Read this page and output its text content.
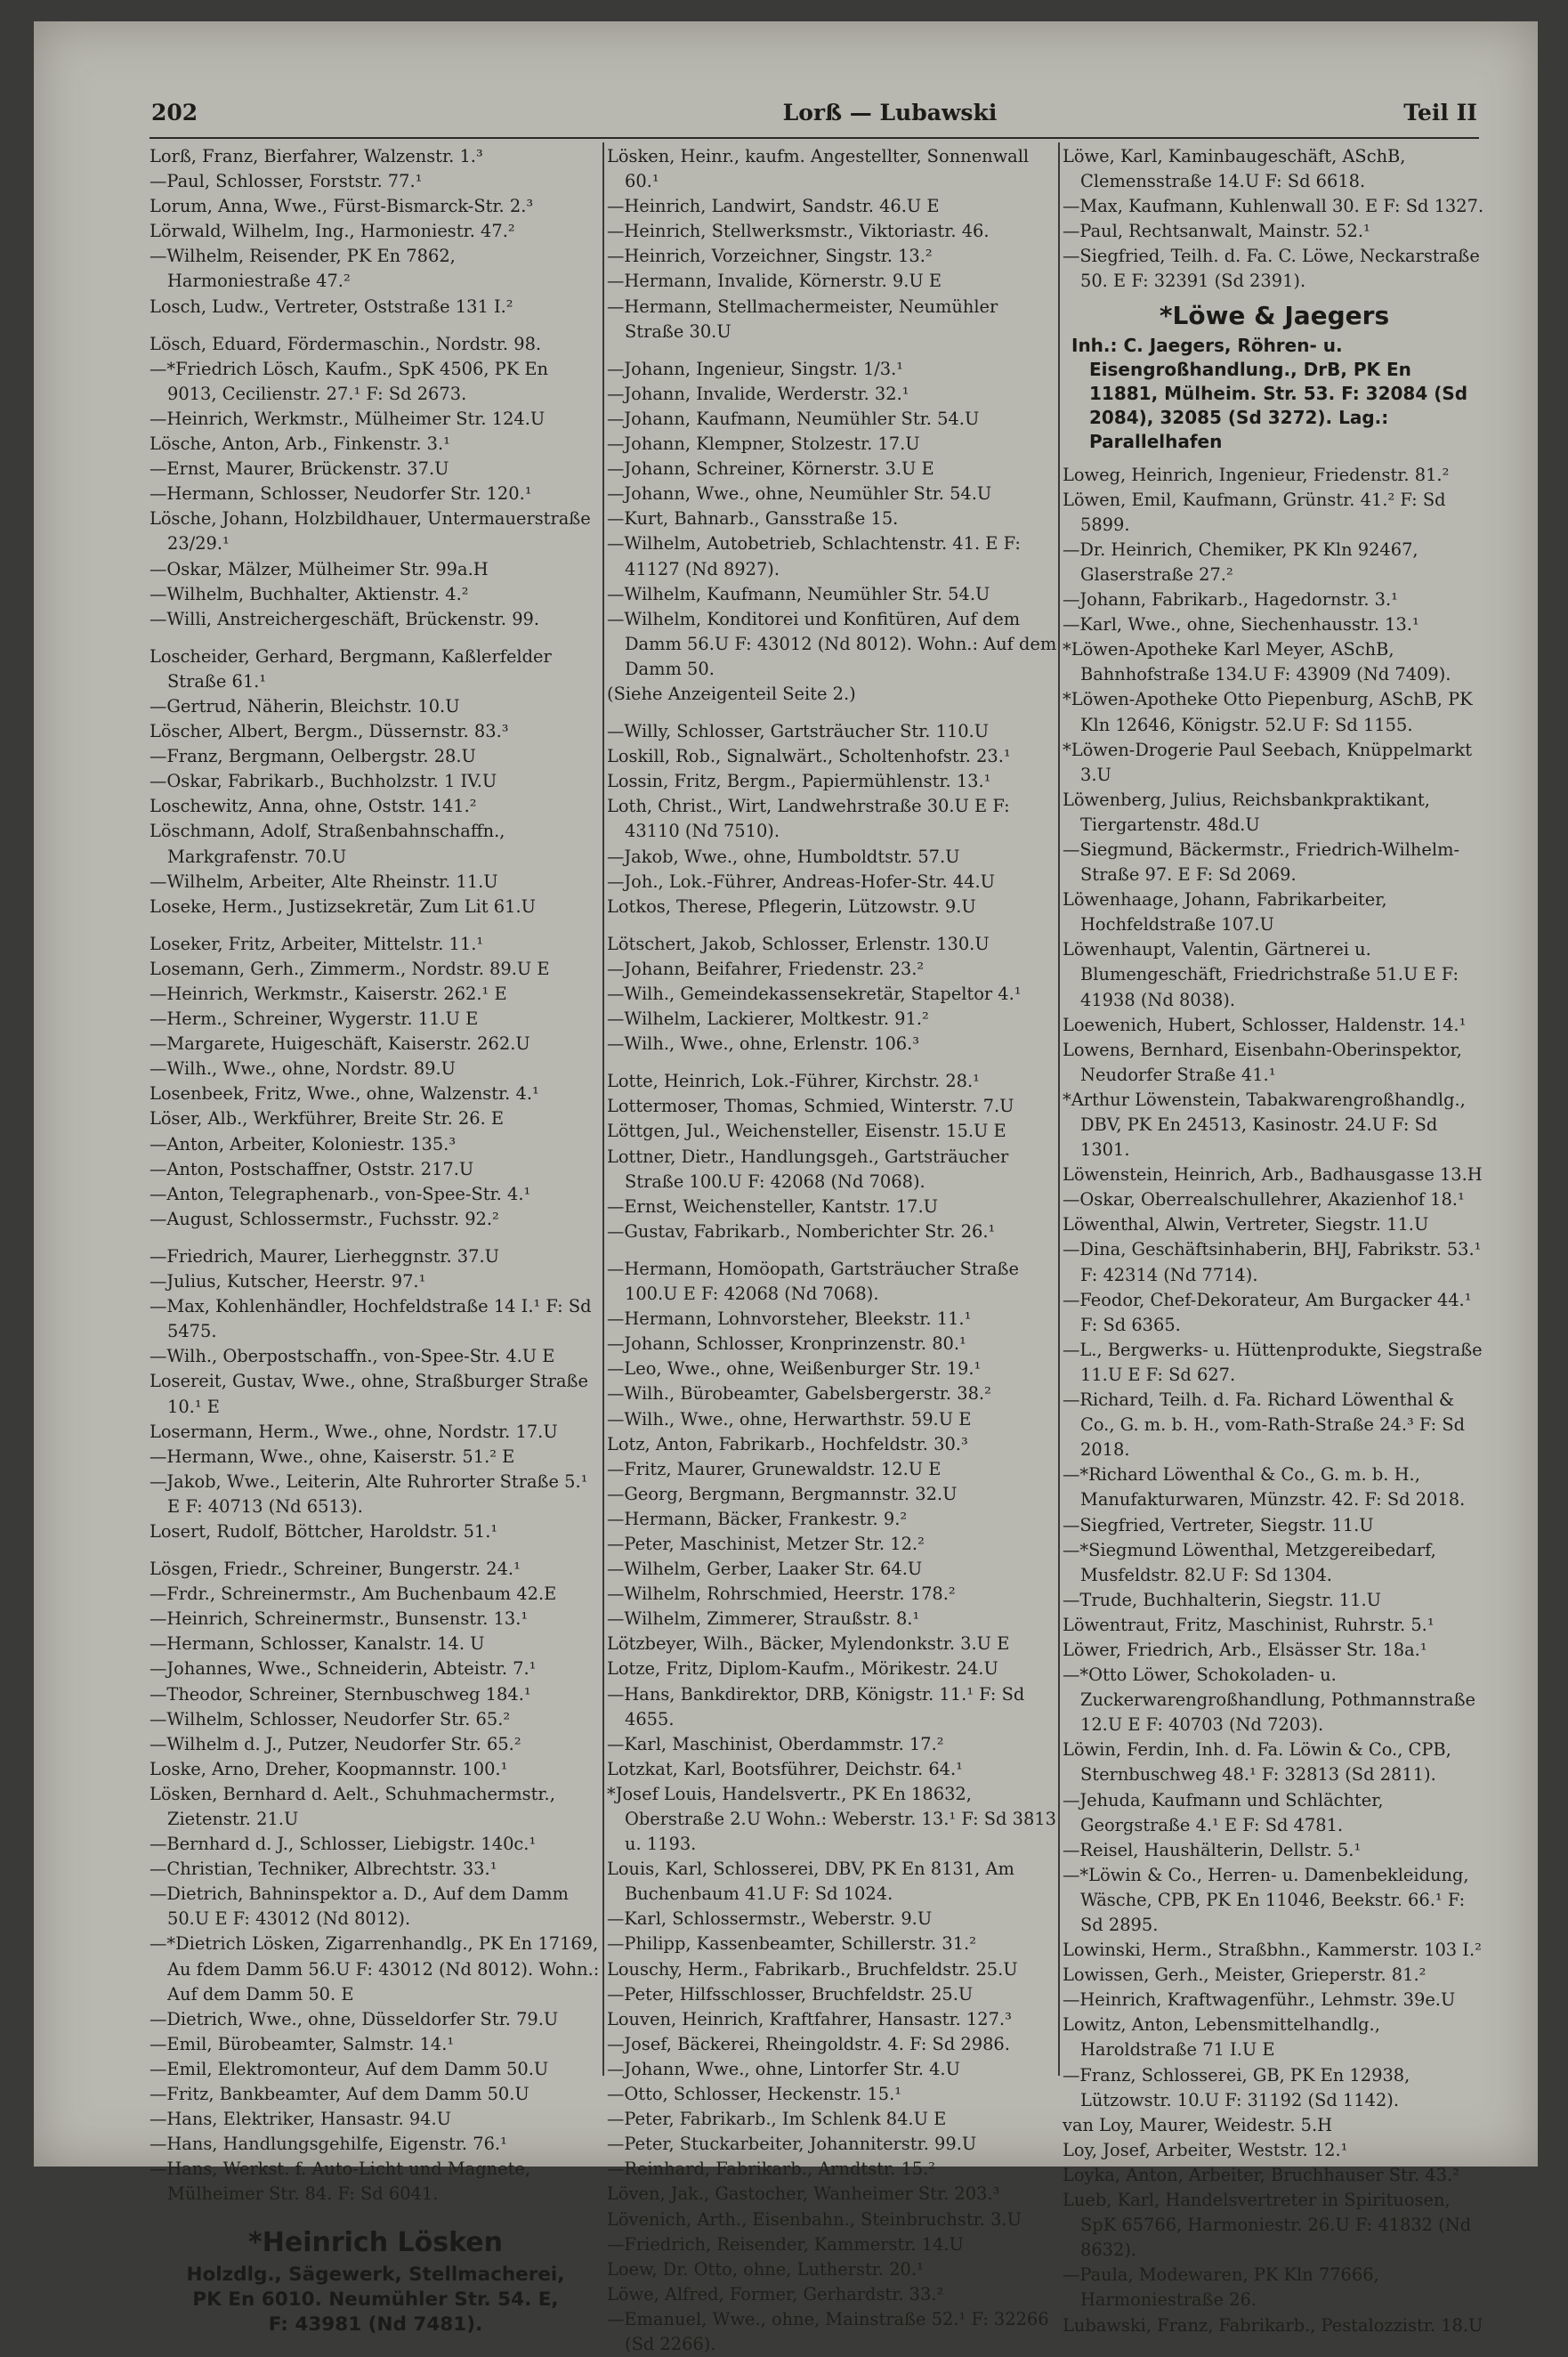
202	Lorß — Lubawski	Teil II
Lorß, Franz, Bierfahrer, Walzenstr. 1.³
—Paul, Schlosser, Forststr. 77.¹
Lorum, Anna, Wwe., Fürst-Bismarck-Str. 2.³
Lörwald, Wilhelm, Ing., Harmoniestr. 47.²
—Wilhelm, Reisender, PK En 7862, Harmoniestraße 47.²
Losch, Ludw., Vertreter, Oststraße 131 I.²
Lösch, Eduard, Fördermaschin., Nordstr. 98.
—*Friedrich Lösch, Kaufm., SpK 4506, PK En 9013, Cecilienstr. 27.¹ F: Sd 2673.
—Heinrich, Werkmstr., Mülheimer Str. 124.U
Lösche, Anton, Arb., Finkenstr. 3.¹
—Ernst, Maurer, Brückenstr. 37.U
—Hermann, Schlosser, Neudorfer Str. 120.¹
Lösche, Johann, Holzbildhauer, Untermauerstraße 23/29.¹
—Oskar, Mälzer, Mülheimer Str. 99a.H
—Wilhelm, Buchhalter, Aktienstr. 4.²
—Willi, Anstreichergeschäft, Brückenstr. 99.
Loscheider, Gerhard, Bergmann, Kaßlerfelder Straße 61.¹
—Gertrud, Näherin, Bleichstr. 10.U
Löscher, Albert, Bergm., Düssernstr. 83.³
—Franz, Bergmann, Oelbergstr. 28.U
—Oskar, Fabrikarb., Buchholzstr. 1 IV.U
Loschewitz, Anna, ohne, Oststr. 141.²
Löschmann, Adolf, Straßenbahnschaffn., Markgrafenstr. 70.U
—Wilhelm, Arbeiter, Alte Rheinstr. 11.U
Loseke, Herm., Justizsekretär, Zum Lit 61.U
Loseker, Fritz, Arbeiter, Mittelstr. 11.¹
Losemann, Gerh., Zimmerm., Nordstr. 89.U E
—Heinrich, Werkmstr., Kaiserstr. 262.¹ E
—Herm., Schreiner, Wygerstr. 11.U E
—Margarete, Huigeschäft, Kaiserstr. 262.U
—Wilh., Wwe., ohne, Nordstr. 89.U
Losenbeek, Fritz, Wwe., ohne, Walzenstr. 4.¹
Löser, Alb., Werkführer, Breite Str. 26. E
—Anton, Arbeiter, Koloniestr. 135.³
—Anton, Postschaffner, Oststr. 217.U
—Anton, Telegraphenarb., von-Spee-Str. 4.¹
—August, Schlossermstr., Fuchsstr. 92.²
—Friedrich, Maurer, Lierheggnstr. 37.U
—Julius, Kutscher, Heerstr. 97.¹
—Max, Kohlenhändler, Hochfeldstraße 14 I.¹ F: Sd 5475.
—Wilh., Oberpostschaffn., von-Spee-Str. 4.U E
Losereit, Gustav, Wwe., ohne, Straßburger Straße 10.¹ E
Losermann, Herm., Wwe., ohne, Nordstr. 17.U
—Hermann, Wwe., ohne, Kaiserstr. 51.² E
—Jakob, Wwe., Leiterin, Alte Ruhrorter Straße 5.¹ E F: 40713 (Nd 6513).
Losert, Rudolf, Böttcher, Haroldstr. 51.¹
Lösgen, Friedr., Schreiner, Bungerstr. 24.¹
—Frdr., Schreinermstr., Am Buchenbaum 42.E
—Heinrich, Schreinermstr., Bunsenstr. 13.¹
—Hermann, Schlosser, Kanalstr. 14. U
—Johannes, Wwe., Schneiderin, Abteistr. 7.¹
—Theodor, Schreiner, Sternbuschweg 184.¹
—Wilhelm, Schlosser, Neudorfer Str. 65.²
—Wilhelm d. J., Putzer, Neudorfer Str. 65.²
Loske, Arno, Dreher, Koopmannstr. 100.¹
Lösken, Bernhard d. Aelt., Schuhmachermstr., Zietenstr. 21.U
—Bernhard d. J., Schlosser, Liebigstr. 140c.¹
—Christian, Techniker, Albrechtstr. 33.¹
—Dietrich, Bahninspektor a. D., Auf dem Damm 50.U E F: 43012 (Nd 8012).
—*Dietrich Lösken, Zigarrenhandlg., PK En 17169, Au fdem Damm 56.U F: 43012 (Nd 8012). Wohn.: Auf dem Damm 50. E
—Dietrich, Wwe., ohne, Düsseldorfer Str. 79.U
—Emil, Bürobeamter, Salmstr. 14.¹
—Emil, Elektromonteur, Auf dem Damm 50.U
—Fritz, Bankbeamter, Auf dem Damm 50.U
—Hans, Elektriker, Hansastr. 94.U
—Hans, Handlungsgehilfe, Eigenstr. 76.¹
—Hans, Werkst. f. Auto-Licht und Magnete, Mülheimer Str. 84. F: Sd 6041.
*Heinrich Lösken
Holzdlg., Sägewerk, Stellmacherei,
PK En 6010. Neumühler Str. 54. E,
F: 43981 (Nd 7481).
Lösken, Heinr., kaufm. Angestellter, Sonnenwall 60.¹
—Heinrich, Landwirt, Sandstr. 46.U E
—Heinrich, Stellwerksmstr., Viktoriastr. 46.
—Heinrich, Vorzeichner, Singstr. 13.²
—Hermann, Invalide, Körnerstr. 9.U E
—Hermann, Stellmachermeister, Neumühler Straße 30.U
—Johann, Ingenieur, Singstr. 1/3.¹
—Johann, Invalide, Werderstr. 32.¹
—Johann, Kaufmann, Neumühler Str. 54.U
—Johann, Klempner, Stolzestr. 17.U
—Johann, Schreiner, Körnerstr. 3.U E
—Johann, Wwe., ohne, Neumühler Str. 54.U
—Kurt, Bahnarb., Gansstraße 15.
—Wilhelm, Autobetrieb, Schlachtenstr. 41. E F: 41127 (Nd 8927).
—Wilhelm, Kaufmann, Neumühler Str. 54.U
—Wilhelm, Konditorei und Konfitüren, Auf dem Damm 56.U F: 43012 (Nd 8012). Wohn.: Auf dem Damm 50.
(Siehe Anzeigenteil Seite 2.)
—Willy, Schlosser, Gartsträucher Str. 110.U
Loskill, Rob., Signalwärt., Scholtenhofstr. 23.¹
Lossin, Fritz, Bergm., Papiermühlenstr. 13.¹
Loth, Christ., Wirt, Landwehrstraße 30.U E F: 43110 (Nd 7510).
—Jakob, Wwe., ohne, Humboldtstr. 57.U
—Joh., Lok.-Führer, Andreas-Hofer-Str. 44.U
Lotkos, Therese, Pflegerin, Lützowstr. 9.U
Lötschert, Jakob, Schlosser, Erlenstr. 130.U
—Johann, Beifahrer, Friedenstr. 23.²
—Wilh., Gemeindekassensekretär, Stapeltor 4.¹
—Wilhelm, Lackierer, Moltkestr. 91.²
—Wilh., Wwe., ohne, Erlenstr. 106.³
Lotte, Heinrich, Lok.-Führer, Kirchstr. 28.¹
Lottermoser, Thomas, Schmied, Winterstr. 7.U
Löttgen, Jul., Weichensteller, Eisenstr. 15.U E
Lottner, Dietr., Handlungsgeh., Gartsträucher Straße 100.U F: 42068 (Nd 7068).
—Ernst, Weichensteller, Kantstr. 17.U
—Gustav, Fabrikarb., Nomberichter Str. 26.¹
—Hermann, Homöopath, Gartsträucher Straße 100.U E F: 42068 (Nd 7068).
—Hermann, Lohnvorsteher, Bleekstr. 11.¹
—Johann, Schlosser, Kronprinzenstr. 80.¹
—Leo, Wwe., ohne, Weißenburger Str. 19.¹
—Wilh., Bürobeamter, Gabelsbergerstr. 38.²
—Wilh., Wwe., ohne, Herwarthstr. 59.U E
Lotz, Anton, Fabrikarb., Hochfeldstr. 30.³
—Fritz, Maurer, Grunewaldstr. 12.U E
—Georg, Bergmann, Bergmannstr. 32.U
—Hermann, Bäcker, Frankestr. 9.²
—Peter, Maschinist, Metzer Str. 12.²
—Wilhelm, Gerber, Laaker Str. 64.U
—Wilhelm, Rohrschmied, Heerstr. 178.²
—Wilhelm, Zimmerer, Straußstr. 8.¹
Lötzbeyer, Wilh., Bäcker, Mylendonkstr. 3.U E
Lotze, Fritz, Diplom-Kaufm., Mörikestr. 24.U
—Hans, Bankdirektor, DRB, Königstr. 11.¹ F: Sd 4655.
—Karl, Maschinist, Oberdammstr. 17.²
Lotzkat, Karl, Bootsführer, Deichstr. 64.¹
*Josef Louis, Handelsvertr., PK En 18632, Oberstraße 2.U Wohn.: Weberstr. 13.¹ F: Sd 3813 u. 1193.
Louis, Karl, Schlosserei, DBV, PK En 8131, Am Buchenbaum 41.U F: Sd 1024.
—Karl, Schlossermstr., Weberstr. 9.U
—Philipp, Kassenbeamter, Schillerstr. 31.²
Louschy, Herm., Fabrikarb., Bruchfeldstr. 25.U
—Peter, Hilfsschlosser, Bruchfeldstr. 25.U
Louven, Heinrich, Kraftfahrer, Hansastr. 127.³
—Josef, Bäckerei, Rheingoldstr. 4. F: Sd 2986.
—Johann, Wwe., ohne, Lintorfer Str. 4.U
—Otto, Schlosser, Heckenstr. 15.¹
—Peter, Fabrikarb., Im Schlenk 84.U E
—Peter, Stuckarbeiter, Johanniterstr. 99.U
—Reinhard, Fabrikarb., Arndtstr. 15.²
Löven, Jak., Gastocher, Wanheimer Str. 203.³
Lövenich, Arth., Eisenbahn., Steinbruchstr. 3.U
—Friedrich, Reisender, Kammerstr. 14.U
Loew, Dr. Otto, ohne, Lutherstr. 20.¹
Löwe, Alfred, Former, Gerhardstr. 33.²
—Emanuel, Wwe., ohne, Mainstraße 52.¹ F: 32266 (Sd 2266).
Löwe, Karl, Kaminbaugeschäft, ASchB, Clemensstraße 14.U F: Sd 6618.
—Max, Kaufmann, Kuhlenwall 30. E F: Sd 1327.
—Paul, Rechtsanwalt, Mainstr. 52.¹
—Siegfried, Teilh. d. Fa. C. Löwe, Neckarstraße 50. E F: 32391 (Sd 2391).
*Löwe & Jaegers
Inh.: C. Jaegers, Röhren- u. Eisengroßhandlung., DrB, PK En 11881, Mülheim. Str. 53. F: 32084 (Sd 2084), 32085 (Sd 3272). Lag.: Parallelhafen
Loweg, Heinrich, Ingenieur, Friedenstr. 81.²
Löwen, Emil, Kaufmann, Grünstr. 41.² F: Sd 5899.
—Dr. Heinrich, Chemiker, PK Kln 92467, Glaserstraße 27.²
—Johann, Fabrikarb., Hagedornstr. 3.¹
—Karl, Wwe., ohne, Siechenhausstr. 13.¹
*Löwen-Apotheke Karl Meyer, ASchB, Bahnhofstraße 134.U F: 43909 (Nd 7409).
*Löwen-Apotheke Otto Piepenburg, ASchB, PK Kln 12646, Königstr. 52.U F: Sd 1155.
*Löwen-Drogerie Paul Seebach, Knüppelmarkt 3.U
Löwenberg, Julius, Reichsbankpraktikant, Tiergartenstr. 48d.U
—Siegmund, Bäckermstr., Friedrich-Wilhelm-Straße 97. E F: Sd 2069.
Löwenhaage, Johann, Fabrikarbeiter, Hochfeldstraße 107.U
Löwenhaupt, Valentin, Gärtnerei u. Blumengeschäft, Friedrichstraße 51.U E F: 41938 (Nd 8038).
Loewenich, Hubert, Schlosser, Haldenstr. 14.¹
Lowens, Bernhard, Eisenbahn-Oberinspektor, Neudorfer Straße 41.¹
*Arthur Löwenstein, Tabakwarengroßhandlg., DBV, PK En 24513, Kasinostr. 24.U F: Sd 1301.
Löwenstein, Heinrich, Arb., Badhausgasse 13.H
—Oskar, Oberrealschullehrer, Akazienhof 18.¹
Löwenthal, Alwin, Vertreter, Siegstr. 11.U
—Dina, Geschäftsinhaberin, BHJ, Fabrikstr. 53.¹ F: 42314 (Nd 7714).
—Feodor, Chef-Dekorateur, Am Burgacker 44.¹ F: Sd 6365.
—L., Bergwerks- u. Hüttenprodukte, Siegstraße 11.U E F: Sd 627.
—Richard, Teilh. d. Fa. Richard Löwenthal & Co., G. m. b. H., vom-Rath-Straße 24.³ F: Sd 2018.
—*Richard Löwenthal & Co., G. m. b. H., Manufakturwaren, Münzstr. 42. F: Sd 2018.
—Siegfried, Vertreter, Siegstr. 11.U
—*Siegmund Löwenthal, Metzgereibedarf, Musfeldstr. 82.U F: Sd 1304.
—Trude, Buchhalterin, Siegstr. 11.U
Löwentraut, Fritz, Maschinist, Ruhrstr. 5.¹
Löwer, Friedrich, Arb., Elsässer Str. 18a.¹
—*Otto Löwer, Schokoladen- u. Zuckerwarengroßhandlung, Pothmannstraße 12.U E F: 40703 (Nd 7203).
Löwin, Ferdin, Inh. d. Fa. Löwin & Co., CPB, Sternbuschweg 48.¹ F: 32813 (Sd 2811).
—Jehuda, Kaufmann und Schlächter, Georgstraße 4.¹ E F: Sd 4781.
—Reisel, Haushälterin, Dellstr. 5.¹
—*Löwin & Co., Herren- u. Damenbekleidung, Wäsche, CPB, PK En 11046, Beekstr. 66.¹ F: Sd 2895.
Lowinski, Herm., Straßbhn., Kammerstr. 103 I.²
Lowissen, Gerh., Meister, Grieperstr. 81.²
—Heinrich, Kraftwagenführ., Lehmstr. 39e.U
Lowitz, Anton, Lebensmittelhandlg., Haroldstraße 71 I.U E
—Franz, Schlosserei, GB, PK En 12938, Lützowstr. 10.U F: 31192 (Sd 1142).
van Loy, Maurer, Weidestr. 5.H
Loy, Josef, Arbeiter, Weststr. 12.¹
Loyka, Anton, Arbeiter, Bruchhauser Str. 43.²
Lueb, Karl, Handelsvertreter in Spirituosen, SpK 65766, Harmoniestr. 26.U F: 41832 (Nd 8632).
—Paula, Modewaren, PK Kln 77666, Harmoniestraße 26.
Lubawski, Franz, Fabrikarb., Pestalozzistr. 18.U
